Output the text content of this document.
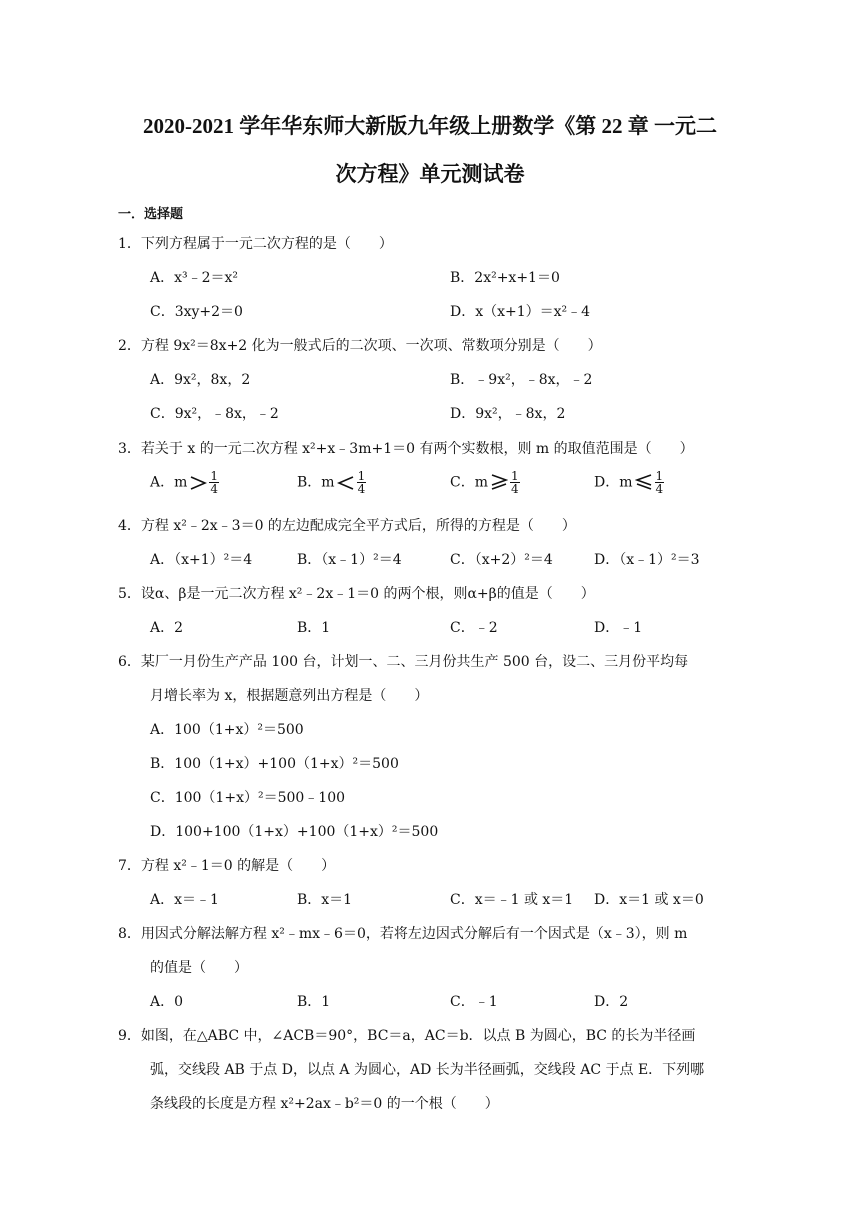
2020-2021 学年华东师大新版九年级上册数学《第 22 章 一元二
次方程》单元测试卷
一．选择题
1．下列方程属于一元二次方程的是（　　）
A．x³﹣2＝x²	B．2x²+x+1＝0
C．3xy+2＝0	D．x（x+1）＝x²﹣4
2．方程 9x²＝8x+2 化为一般式后的二次项、一次项、常数项分别是（　　）
A．9x²，8x，2	B．﹣9x²，﹣8x，﹣2
C．9x²，﹣8x，﹣2	D．9x²，﹣8x，2
3．若关于 x 的一元二次方程 x²+x﹣3m+1＝0 有两个实数根，则 m 的取值范围是（　　）
A．m $\frac{1}{4}$	B．m $\frac{1}{4}$	C．m $\frac{1}{4}$	D．m $\frac{1}{4}$
4．方程 x²﹣2x﹣3＝0 的左边配成完全平方式后，所得的方程是（　　）
A．（x+1）²＝4	B．（x﹣1）²＝4	C．（x+2）²＝4	D．（x﹣1）²＝3
5．设α、β是一元二次方程 x²﹣2x﹣1＝0 的两个根，则α+β的值是（　　）
A．2	B．1	C．﹣2	D．﹣1
6．某厂一月份生产产品 100 台，计划一、二、三月份共生产 500 台，设二、三月份平均每
月增长率为 x，根据题意列出方程是（　　）
A．100（1+x）²＝500
B．100（1+x）+100（1+x）²＝500
C．100（1+x）²＝500﹣100
D．100+100（1+x）+100（1+x）²＝500
7．方程 x²﹣1＝0 的解是（　　）
A．x＝﹣1	B．x＝1	C．x＝﹣1 或 x＝1 D．x＝1 或 x＝0
8．用因式分解法解方程 x²﹣mx﹣6＝0，若将左边因式分解后有一个因式是（x﹣3），则 m
的值是（　　）
A．0	B．1	C．﹣1	D．2
9．如图，在△ABC 中，∠ACB＝90°，BC＝a，AC＝b．以点 B 为圆心，BC 的长为半径画
弧，交线段 AB 于点 D，以点 A 为圆心，AD 长为半径画弧，交线段 AC 于点 E．下列哪
条线段的长度是方程 x²+2ax﹣b²＝0 的一个根（　　）
